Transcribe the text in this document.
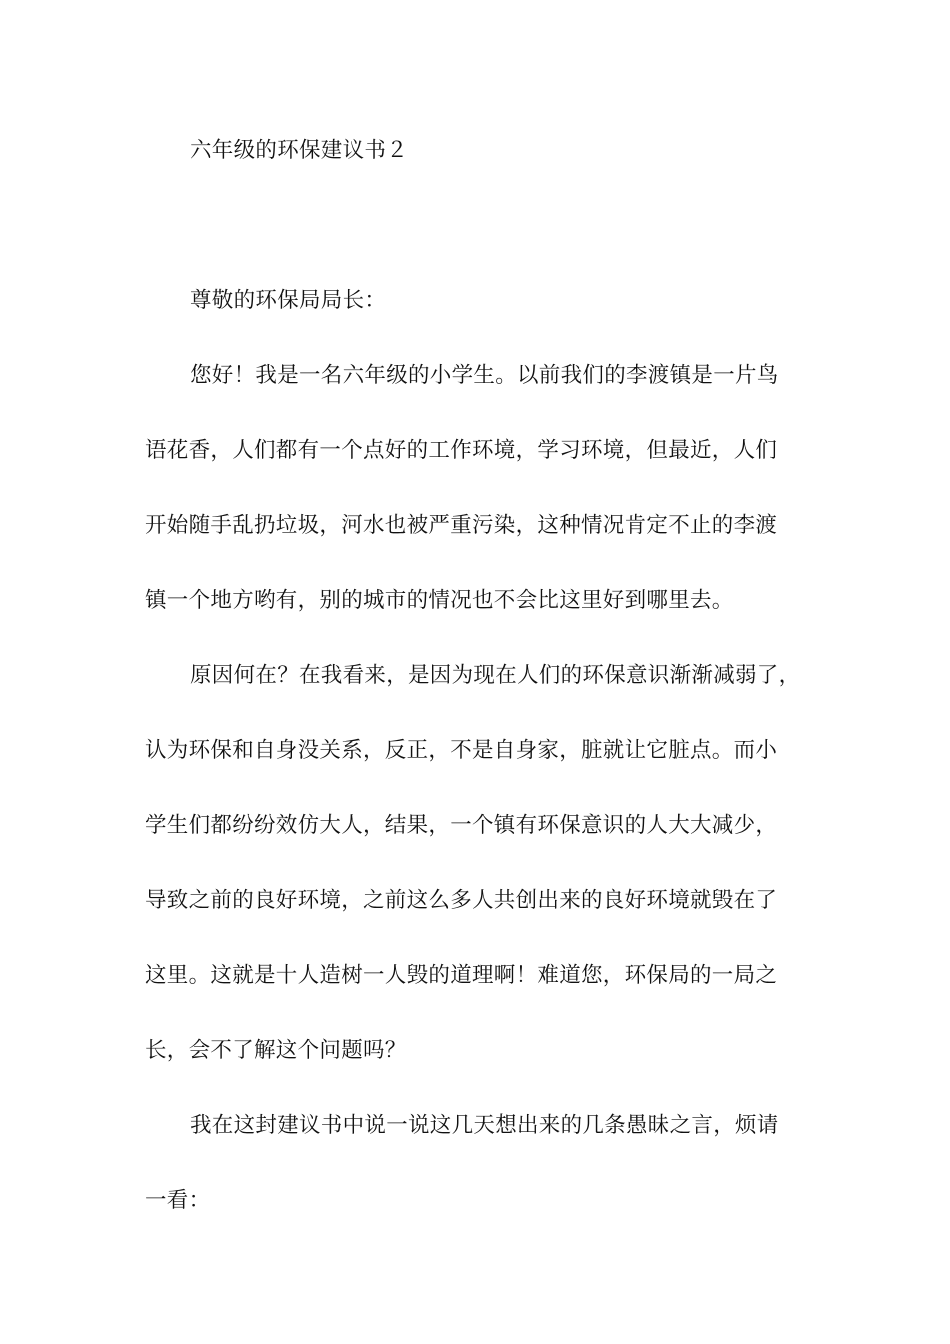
六年级的环保建议书２
尊敬的环保局局长：
您好！我是一名六年级的小学生。以前我们的李渡镇是一片鸟
语花香，人们都有一个点好的工作环境，学习环境，但最近，人们
开始随手乱扔垃圾，河水也被严重污染，这种情况肯定不止的李渡
镇一个地方哟有，别的城市的情况也不会比这里好到哪里去。
原因何在？在我看来，是因为现在人们的环保意识渐渐减弱了，
认为环保和自身没关系，反正，不是自身家，脏就让它脏点。而小
学生们都纷纷效仿大人，结果，一个镇有环保意识的人大大减少，
导致之前的良好环境，之前这么多人共创出来的良好环境就毁在了
这里。这就是十人造树一人毁的道理啊！难道您，环保局的一局之
长，会不了解这个问题吗？
我在这封建议书中说一说这几天想出来的几条愚昧之言，烦请
一看：
